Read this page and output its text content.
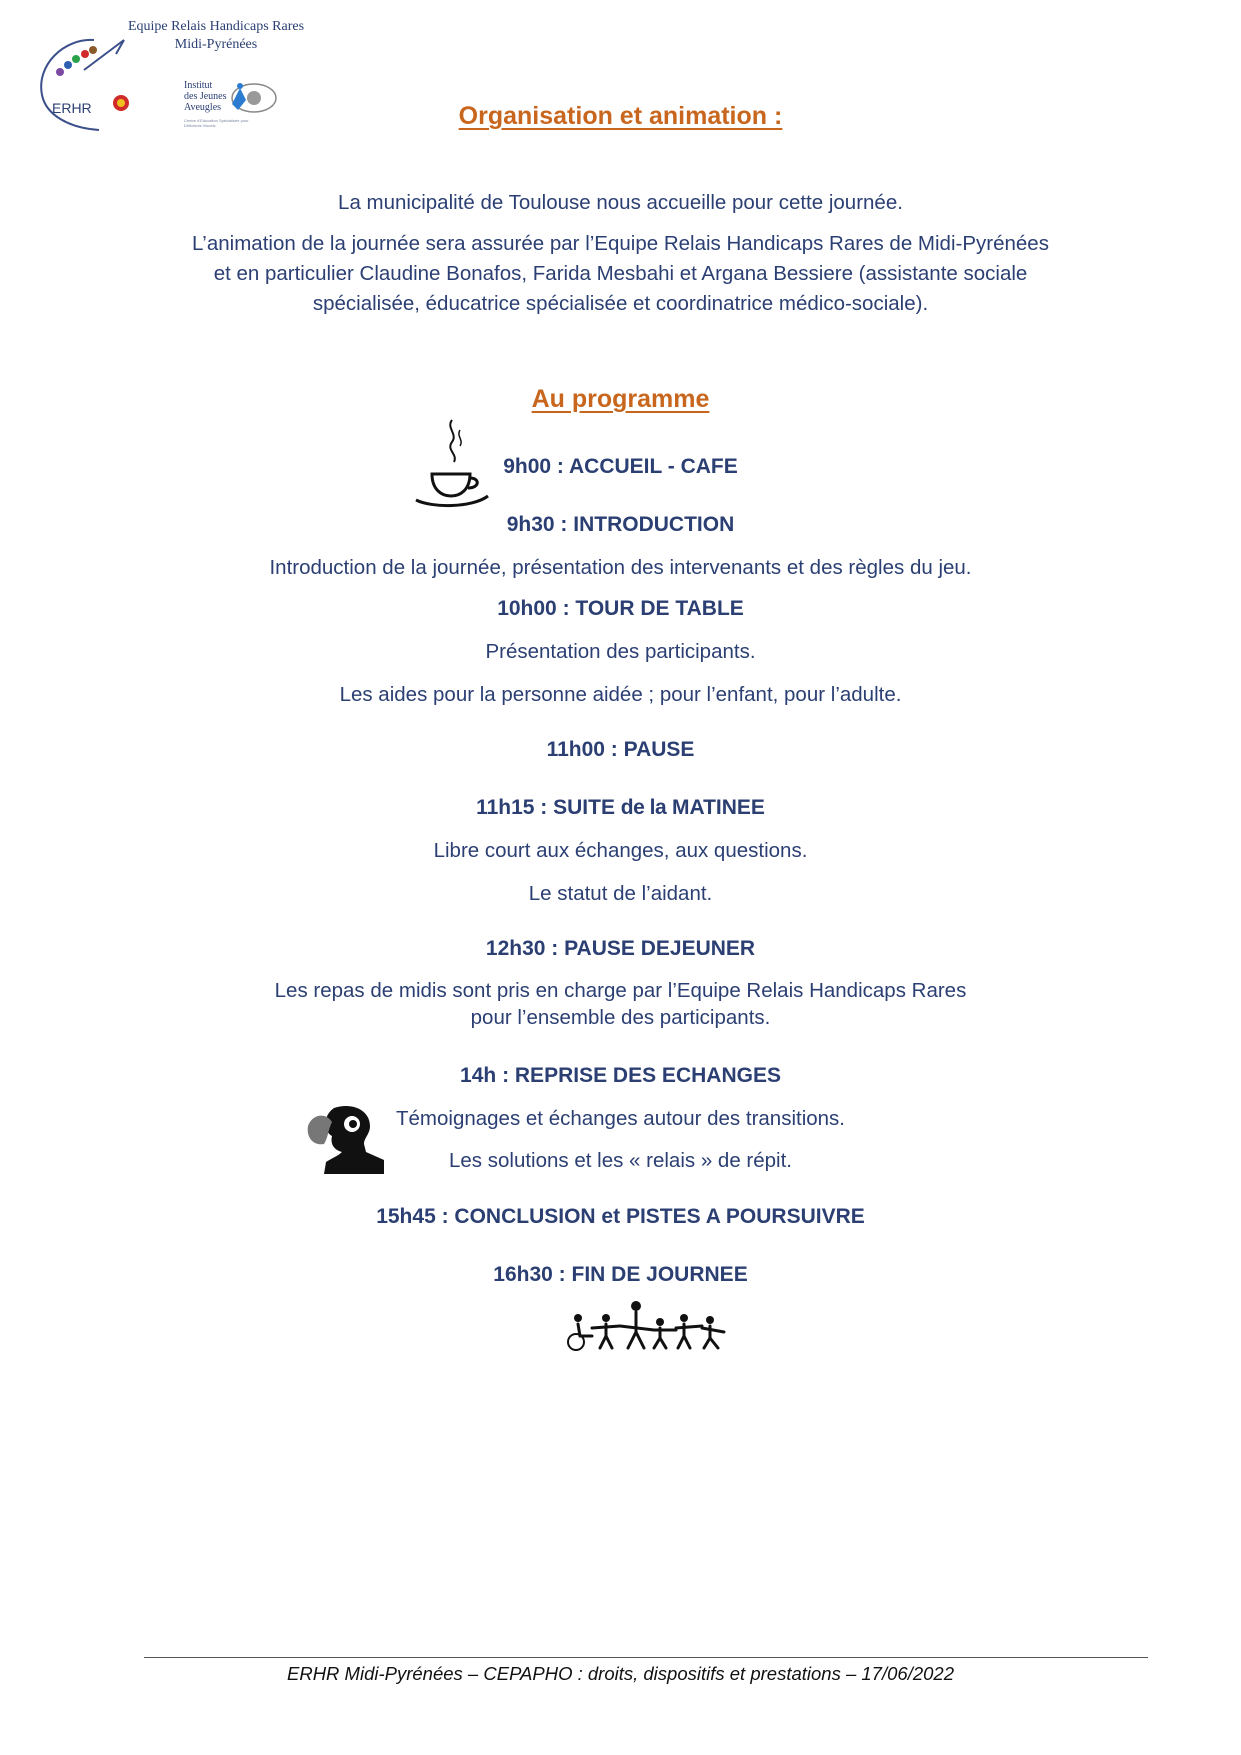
Equipe Relais Handicaps Rares
Midi-Pyrénées
ERHR
Institut
des Jeunes
Aveugles
Centre d'Education Spécialisée pour Déficients Visuels	Organisation et animation :
La municipalité de Toulouse nous accueille pour cette journée.
L’animation de la journée sera assurée par l’Equipe Relais Handicaps Rares de Midi-Pyrénées
et en particulier Claudine Bonafos, Farida Mesbahi et Argana Bessiere (assistante sociale
spécialisée, éducatrice spécialisée et coordinatrice médico-sociale).
Au programme
9h00 : ACCUEIL - CAFE
9h30 : INTRODUCTION
Introduction de la journée, présentation des intervenants et des règles du jeu.
10h00 : TOUR DE TABLE
Présentation des participants.
Les aides pour la personne aidée ; pour l’enfant, pour l’adulte.
11h00 : PAUSE
11h15 : SUITE de la MATINEE
Libre court aux échanges, aux questions.
Le statut de l’aidant.
12h30 : PAUSE DEJEUNER
Les repas de midis sont pris en charge par l’Equipe Relais Handicaps Rares
pour l’ensemble des participants.
14h : REPRISE DES ECHANGES
Témoignages et échanges autour des transitions.
Les solutions et les « relais » de répit.
15h45 : CONCLUSION et PISTES A POURSUIVRE
16h30 : FIN DE JOURNEE
ERHR Midi-Pyrénées – CEPAPHO : droits, dispositifs et prestations – 17/06/2022
